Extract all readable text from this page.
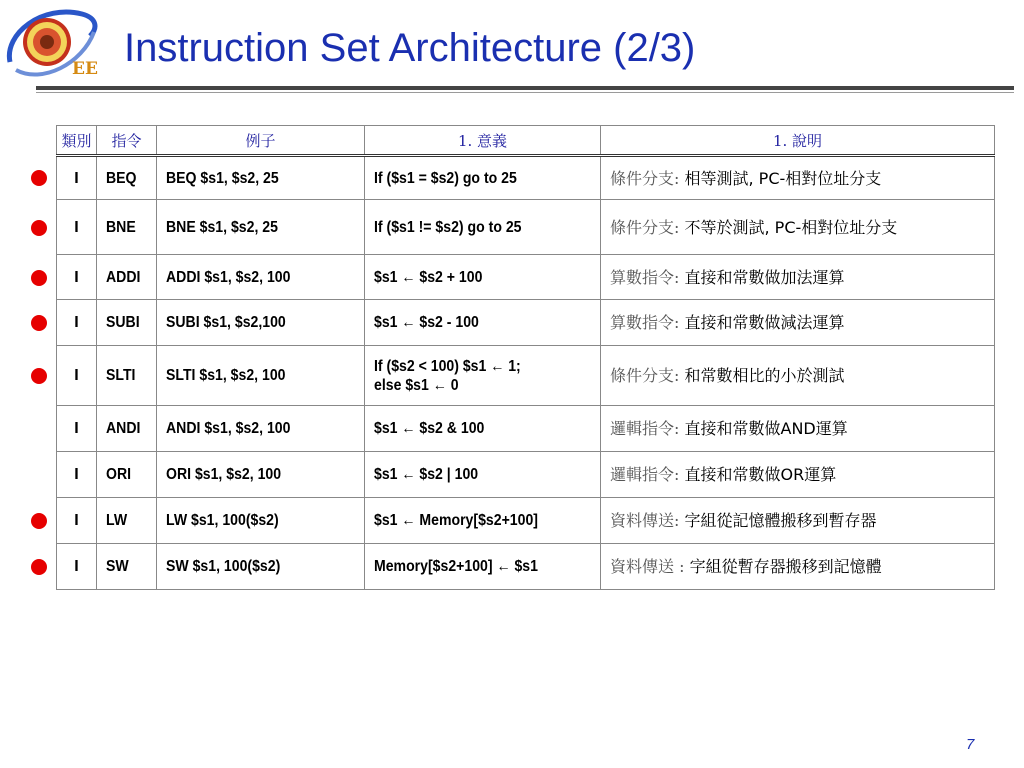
EE Instruction Set Architecture (2/3)
類別	指令	例子	1. 意義	1. 說明
I	BEQ	BEQ $s1, $s2, 25	If ($s1 = $s2) go to 25	條件分支: 相等測試, PC-相對位址分支
I	BNE	BNE $s1, $s2, 25	If ($s1 != $s2) go to 25	條件分支: 不等於測試, PC-相對位址分支
I	ADDI	ADDI $s1, $s2, 100	$s1 ← $s2 + 100	算數指令: 直接和常數做加法運算
I	SUBI	SUBI $s1, $s2,100	$s1 ← $s2 - 100	算數指令: 直接和常數做減法運算
I	SLTI	SLTI $s1, $s2, 100	If ($s2 < 100) $s1 ← 1;
else $s1 ← 0	條件分支: 和常數相比的小於測試
I	ANDI	ANDI $s1, $s2, 100	$s1 ← $s2 & 100	邏輯指令: 直接和常數做AND運算
I	ORI	ORI $s1, $s2, 100	$s1 ← $s2 | 100	邏輯指令: 直接和常數做OR運算
I	LW	LW $s1, 100($s2)	$s1 ← Memory[$s2+100]	資料傳送: 字組從記憶體搬移到暫存器
I	SW	SW $s1, 100($s2)	Memory[$s2+100] ← $s1	資料傳送 : 字組從暫存器搬移到記憶體
7
